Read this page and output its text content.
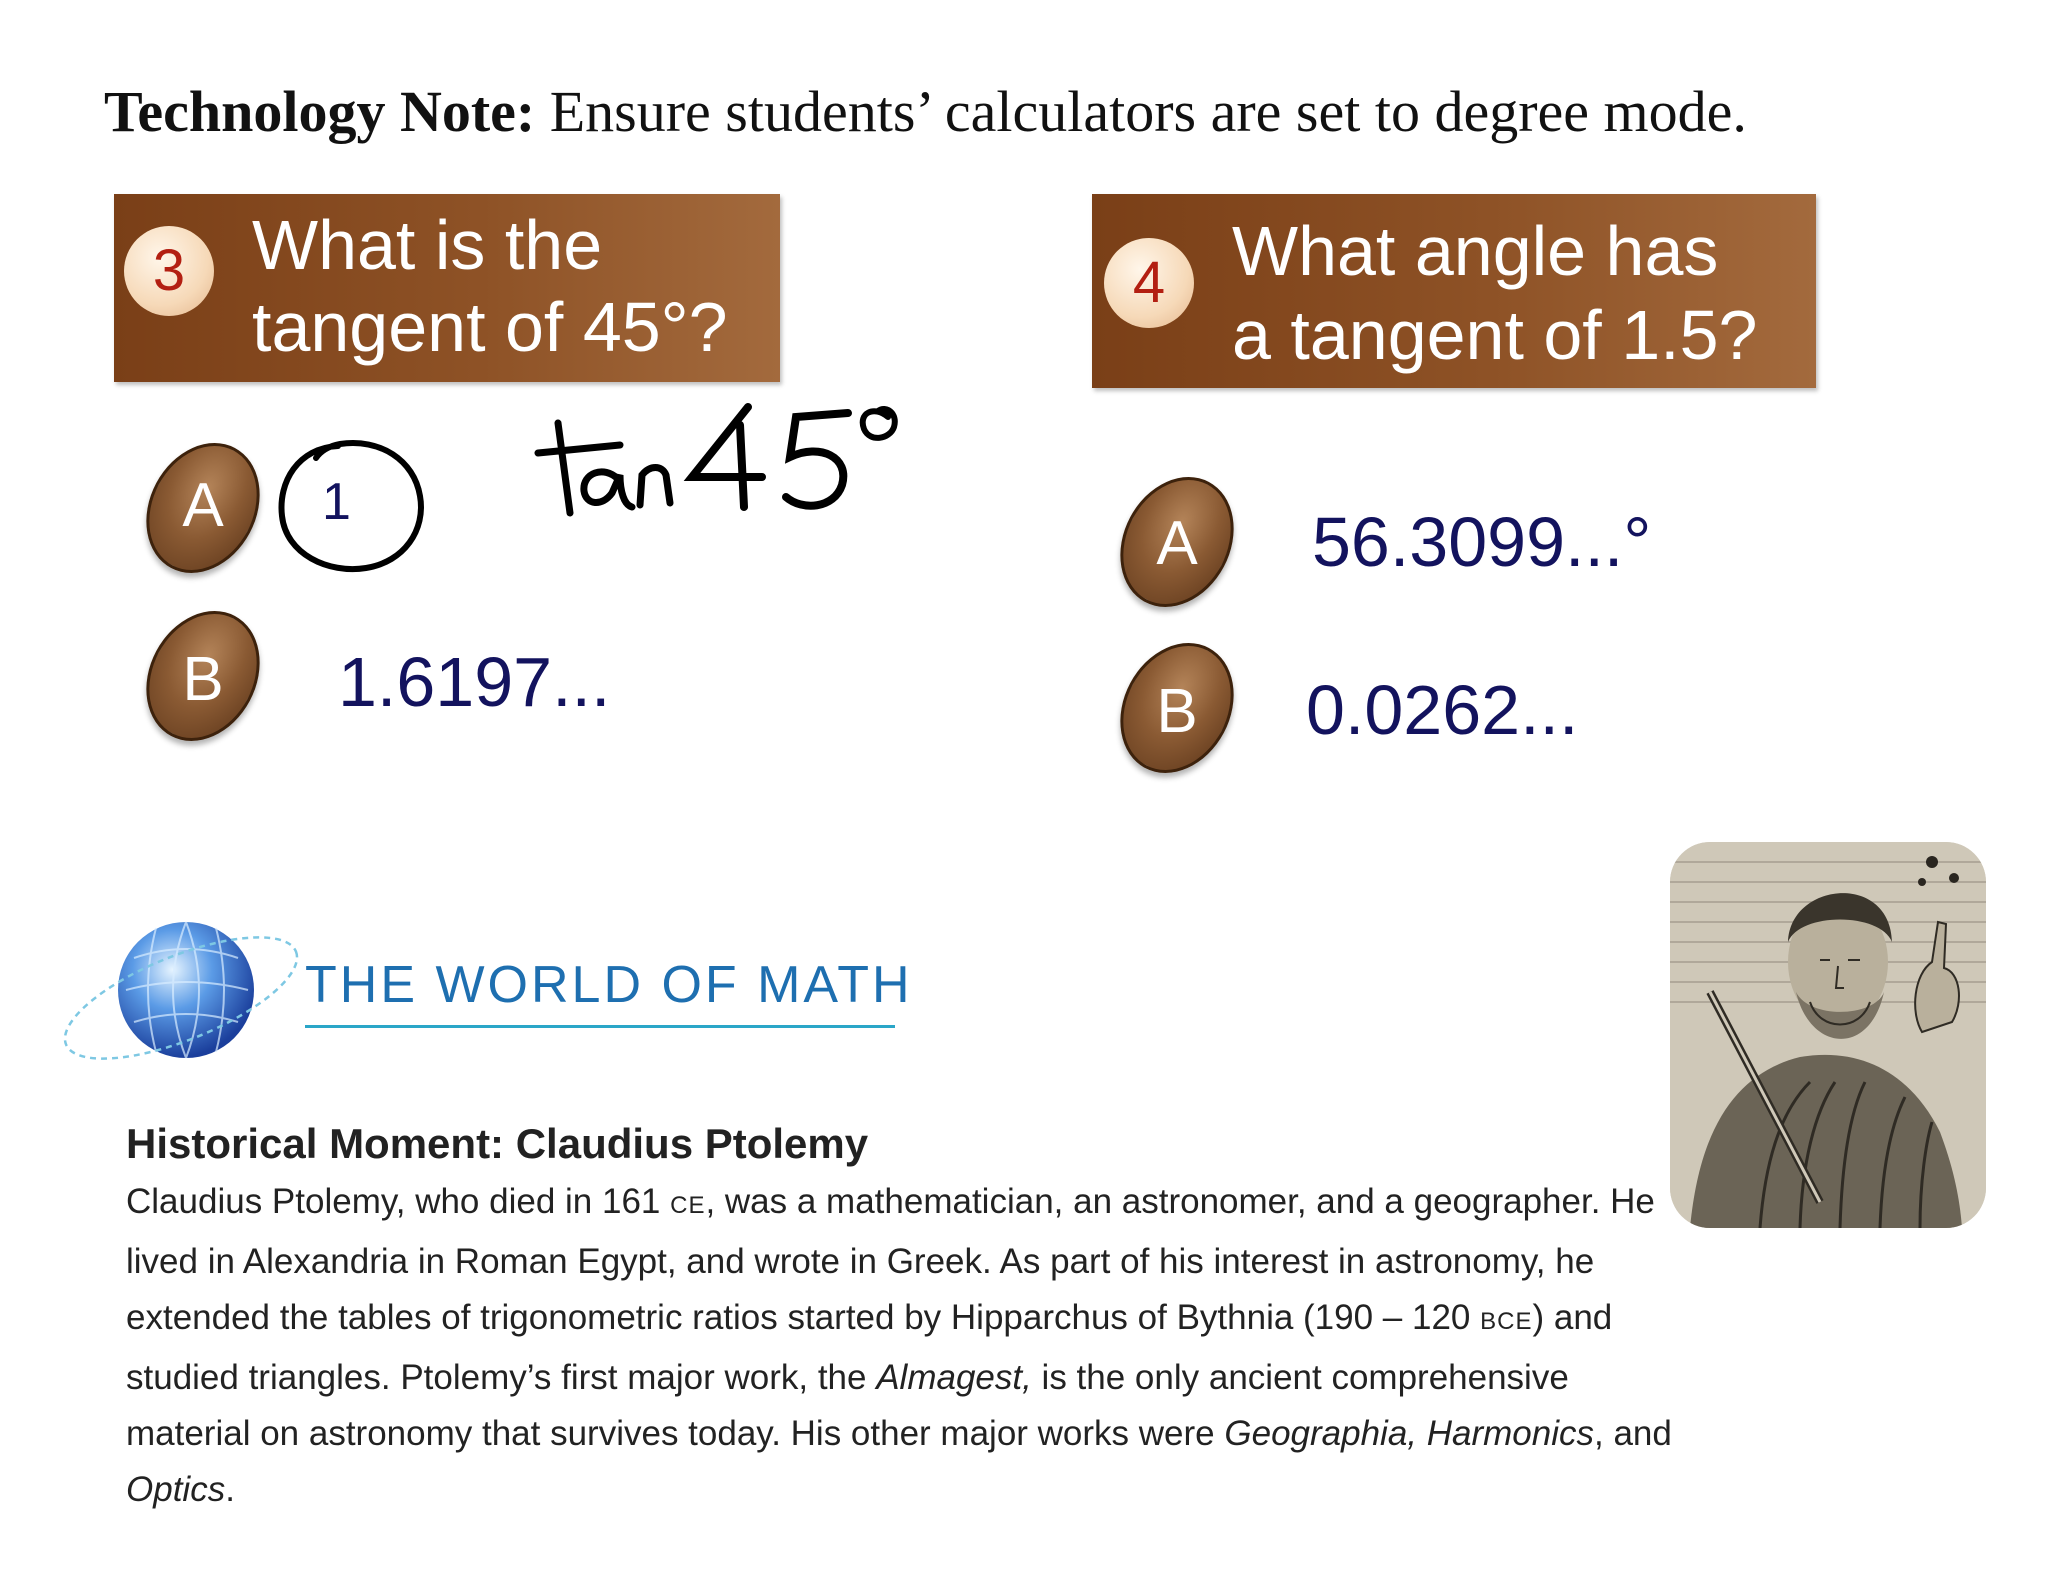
Technology Note: Ensure students’ calculators are set to degree mode.
3 What is the
tangent of 45°?
A	1
B	1.6197...
4 What angle has
a tangent of 1.5?
A	56.3099...°
B	0.0262...
THE WORLD OF MATH
Historical Moment: Claudius Ptolemy
Claudius Ptolemy, who died in 161 CE, was a mathematician, an astronomer, and a geographer. He lived in Alexandria in Roman Egypt, and wrote in Greek. As part of his interest in astronomy, he extended the tables of trigonometric ratios started by Hipparchus of Bythnia (190 – 120 BCE) and studied triangles. Ptolemy’s first major work, the Almagest, is the only ancient comprehensive material on astronomy that survives today. His other major works were Geographia, Harmonics, and Optics.
